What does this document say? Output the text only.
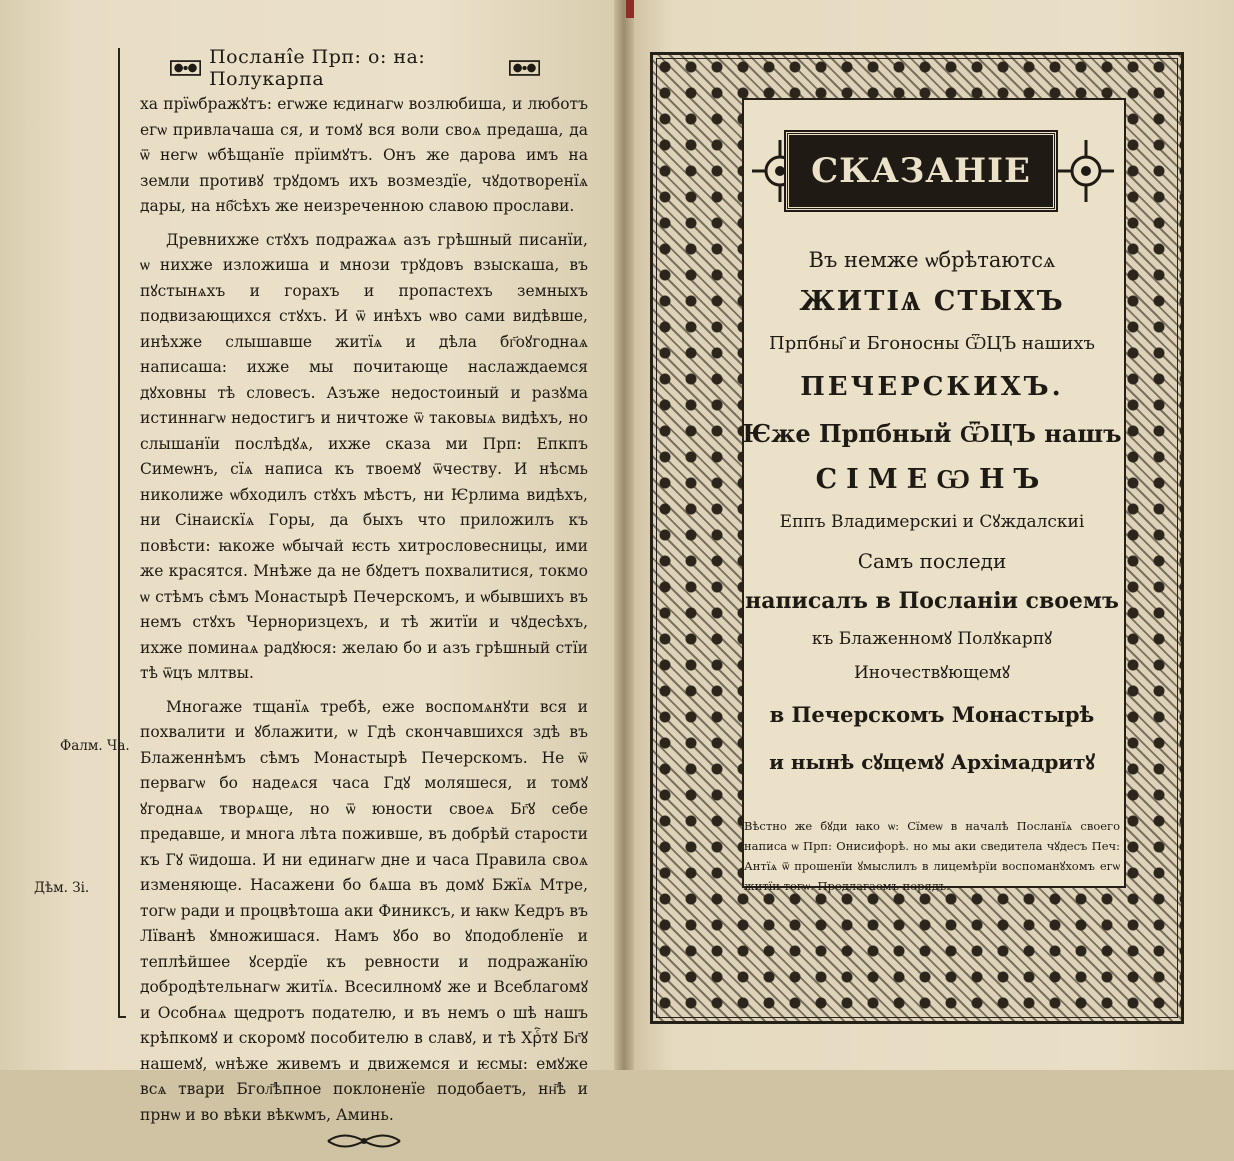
Послані̂е Прп: о: на: Полукарпа

ха прїѡбражꙋтъ: егѡже ѥдинагѡ возлюбиша, и люботъ егѡ привлачаша ся, и томꙋ вся воли своѧ предаша, да ѿ негѡ ѡбѣщанїе прїимꙋтъ. Онъ же дарова имъ на земли противꙋ трꙋдомъ ихъ возмездїе, чꙋдотворенїѧ дары, на нб҃сѣхъ же неизреченною славою прослави.

Древнихже стꙋхъ подражаѧ азъ грѣшный писанїи, ѡ нихже изложиша и мнози трꙋдовъ взыскаша, въ пꙋстынѧхъ и горахъ и пропастехъ земныхъ подвизающихся стꙋхъ. И ѿ инѣхъ ѡво сами видѣвше, инѣхже слышавше житїѧ и дѣла бг҃оꙋгоднаѧ написаша: ихже мы почитающе наслаждаемся дꙋховны тѣ словесъ. Азъже недостоиный и разꙋма истиннагѡ недостигъ и ничтоже ѿ таковыѧ видѣхъ, но слышанїи послѣдꙋѧ, ихже сказа ми Прп: Епкпъ Симеѡнъ, сїѧ написа къ твоемꙋ ѿчеству. И нѣсмь николиже ѡбходилъ стꙋхъ мѣстъ, ни Ѥрлима видѣхъ, ни Сінаискїѧ Горы, да быхъ что приложилъ къ повѣсти: ꙗкоже ѡбычай ѥсть хитрословесницы, ими же красятся. Мнѣже да не бꙋдетъ похвалитися, токмо ѡ стѣмъ сѣмъ Монастырѣ Печерскомъ, и ѡбывшихъ въ немъ стꙋхъ Черноризцехъ, и тѣ житїи и чꙋдесѣхъ, ихже поминаѧ радꙋюся: желаю бо и азъ грѣшный стїи тѣ ѿцъ млтвы.

Многаже тщанїѧ требѣ, еже воспомѧнꙋти вся и похвалити и ꙋблажити, ѡ Гдѣ скончавшихся здѣ въ Блаженнѣмъ сѣмъ Монастырѣ Печерскомъ. Не ѿ первагѡ бо надеѧся часа Гдꙋ моляшеся, и томꙋ ꙋгоднаѧ творѧще, но ѿ юности своеѧ Бг҃ꙋ себе предавше, и многа лѣта поживше, въ добрѣй старости къ Гꙋ ѿидоша. И ни единагѡ дне и часа Правила своѧ изменяюще. Насажени бо бѧша въ домꙋ Бжїѧ Мтре, тогѡ ради и процвѣтоша аки Финиксъ, и ꙗкѡ Кедръ въ Лїванѣ ꙋмножишася. Намъ ꙋбо во ꙋподобленїе и теплѣйшее ꙋсердїе къ ревности и подражанїю добродѣтельнагѡ житїѧ. Всесилномꙋ же и Всеблагомꙋ и Особнаѧ щедротъ подателю, и въ немъ о шѣ нашъ крѣпкомꙋ и скоромꙋ пособителю в славꙋ, и тѣ Хрⷭ҇тꙋ Бг҃ꙋ нашемꙋ, ѡнѣже живемъ и движемся и ѥсмы: емꙋже всѧ твари Бгол҃ѣпное поклоненїе подобаетъ, нн҃ѣ и прнѡ и во вѣки вѣкѡмъ, Аминь.

Фалм. Ча.
Дѣм. Зі.
СКАЗАНІЕ
Въ немже ѡбрѣтаютсѧ
ЖИТІѦ СТЫХЪ
Прпбны҄ и Бгоносны ѾЦЪ нашихъ
ПЕЧЕРСКИХЪ.
Ѥже Прпбный ѾЦЪ нашъ
СІМЕѠНЪ
Еппъ Владимерскиі и Сꙋждалскиі
Самъ последи
написалъ в Посланіи своемъ
къ Блаженномꙋ Полꙋкарпꙋ
Иночествꙋющемꙋ
в Печерскомъ Монастырѣ
и нынѣ сꙋщемꙋ Архімадритꙋ
Вѣстно же бꙋди ꙗко ѡ: Сїмеѡ в началѣ Посланїѧ своего написа ѡ Прп: Онисифорѣ. но мы аки сведитела чꙋдесъ Печ: Антїѧ ѿ прошенїи ꙋмыслилъ в лицемѣрїи воспоманꙋхомъ егѡ житїи тогѡ. Предлагаемъ порядъ.
